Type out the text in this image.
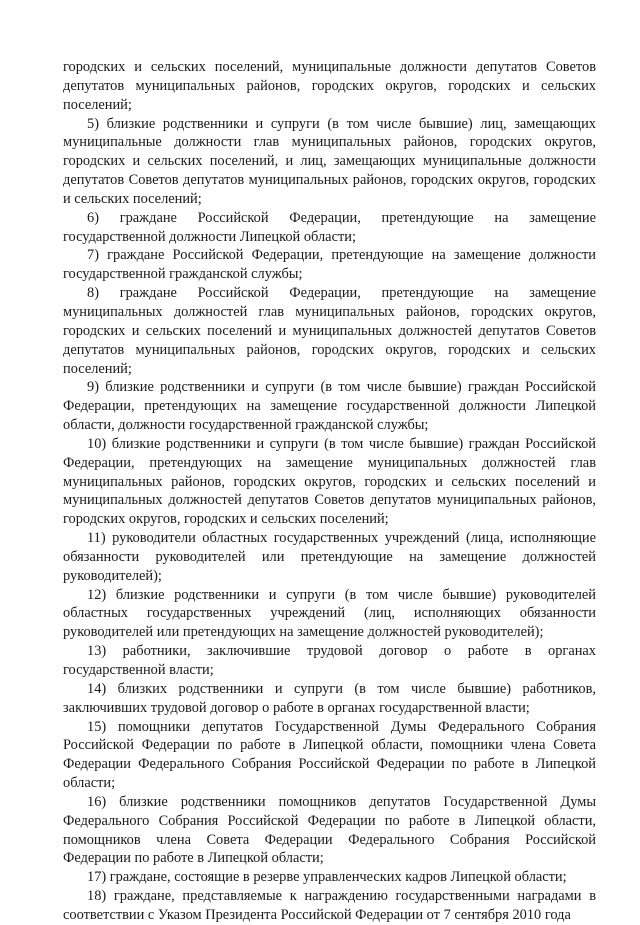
городских и сельских поселений, муниципальные должности депутатов Советов депутатов муниципальных районов, городских округов, городских и сельских поселений;

5) близкие родственники и супруги (в том числе бывшие) лиц, замещающих муниципальные должности глав муниципальных районов, городских округов, городских и сельских поселений, и лиц, замещающих муниципальные должности депутатов Советов депутатов муниципальных районов, городских округов, городских и сельских поселений;

6) граждане Российской Федерации, претендующие на замещение государственной должности Липецкой области;

7) граждане Российской Федерации, претендующие на замещение должности государственной гражданской службы;

8) граждане Российской Федерации, претендующие на замещение муниципальных должностей глав муниципальных районов, городских округов, городских и сельских поселений и муниципальных должностей депутатов Советов депутатов муниципальных районов, городских округов, городских и сельских поселений;

9) близкие родственники и супруги (в том числе бывшие) граждан Российской Федерации, претендующих на замещение государственной должности Липецкой области, должности государственной гражданской службы;

10) близкие родственники и супруги (в том числе бывшие) граждан Российской Федерации, претендующих на замещение муниципальных должностей глав муниципальных районов, городских округов, городских и сельских поселений и муниципальных должностей депутатов Советов депутатов муниципальных районов, городских округов, городских и сельских поселений;

11) руководители областных государственных учреждений (лица, исполняющие обязанности руководителей или претендующие на замещение должностей руководителей);

12) близкие родственники и супруги (в том числе бывшие) руководителей областных государственных учреждений (лиц, исполняющих обязанности руководителей или претендующих на замещение должностей руководителей);

13) работники, заключившие трудовой договор о работе в органах государственной власти;

14) близких родственники и супруги (в том числе бывшие) работников, заключивших трудовой договор о работе в органах государственной власти;

15) помощники депутатов Государственной Думы Федерального Собрания Российской Федерации по работе в Липецкой области, помощники члена Совета Федерации Федерального Собрания Российской Федерации по работе в Липецкой области;

16) близкие родственники помощников депутатов Государственной Думы Федерального Собрания Российской Федерации по работе в Липецкой области, помощников члена Совета Федерации Федерального Собрания Российской Федерации по работе в Липецкой области;

17) граждане, состоящие в резерве управленческих кадров Липецкой области;

18) граждане, представляемые к награждению государственными наградами в соответствии с Указом Президента Российской Федерации от 7 сентября 2010 года
